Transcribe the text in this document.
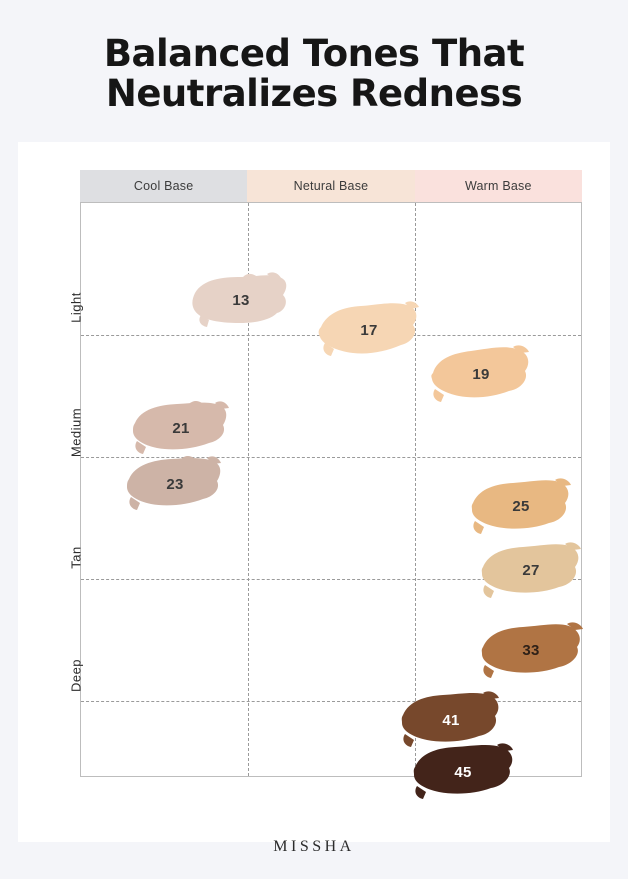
Balanced Tones That
Neutralizes Redness
Cool Base	Netural Base	Warm Base
13
17
19
21
23
25
27
33
41
45
Light
Medium
Tan
Deep
MISSHA
